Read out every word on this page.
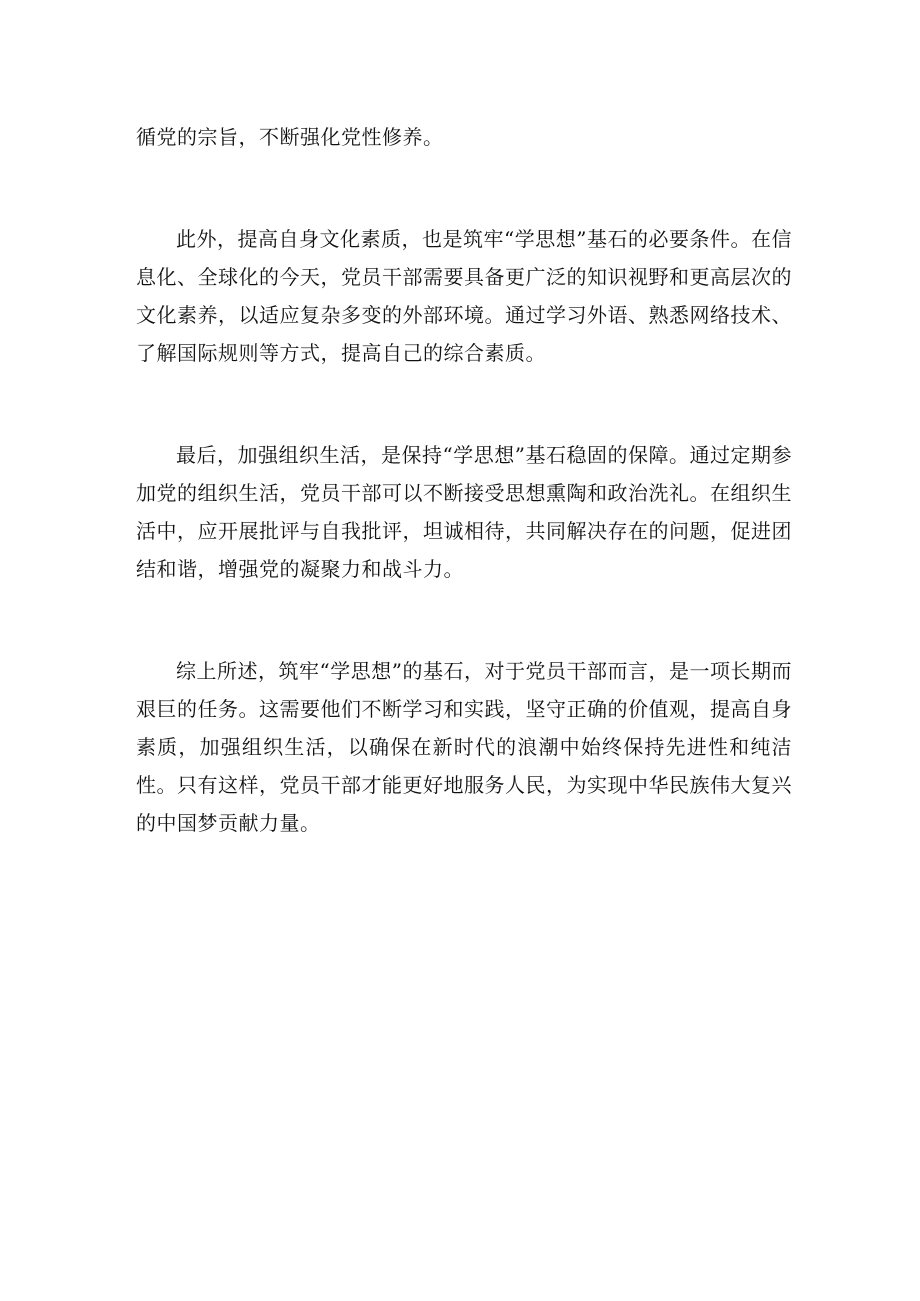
循党的宗旨，不断强化党性修养。

此外，提高自身文化素质，也是筑牢“学思想”基石的必要条件。在信息化、全球化的今天，党员干部需要具备更广泛的知识视野和更高层次的文化素养，以适应复杂多变的外部环境。通过学习外语、熟悉网络技术、了解国际规则等方式，提高自己的综合素质。

最后，加强组织生活，是保持“学思想”基石稳固的保障。通过定期参加党的组织生活，党员干部可以不断接受思想熏陶和政治洗礼。在组织生活中，应开展批评与自我批评，坦诚相待，共同解决存在的问题，促进团结和谐，增强党的凝聚力和战斗力。

综上所述，筑牢“学思想”的基石，对于党员干部而言，是一项长期而艰巨的任务。这需要他们不断学习和实践，坚守正确的价值观，提高自身素质，加强组织生活，以确保在新时代的浪潮中始终保持先进性和纯洁性。只有这样，党员干部才能更好地服务人民，为实现中华民族伟大复兴的中国梦贡献力量。
